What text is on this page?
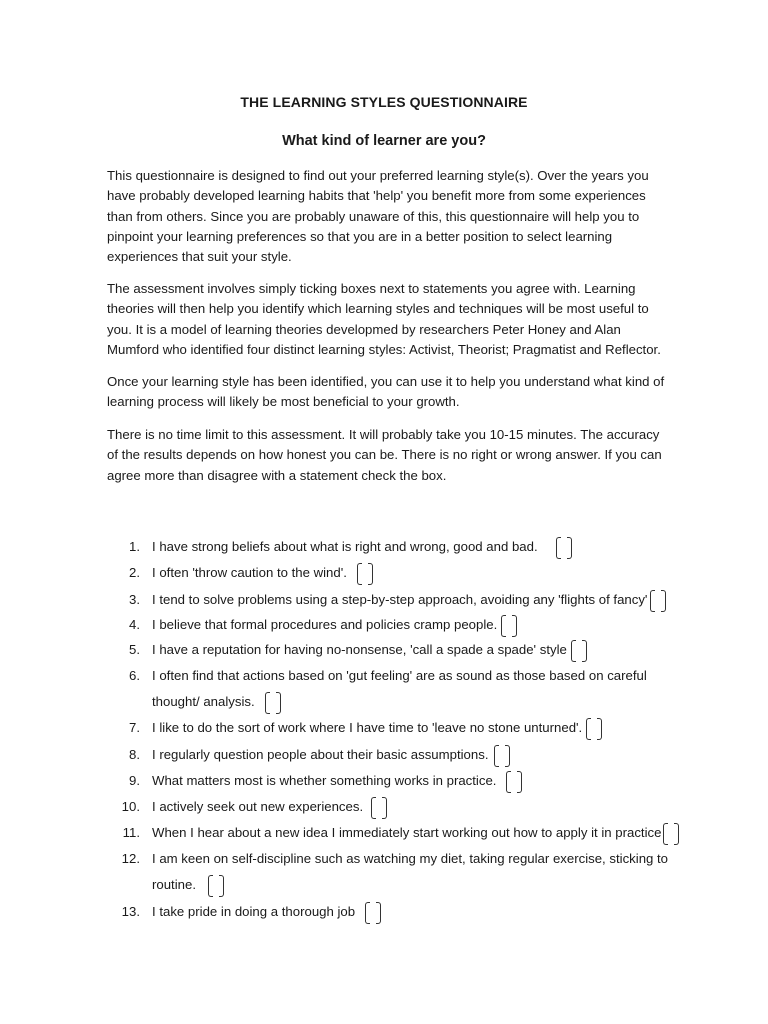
THE LEARNING STYLES QUESTIONNAIRE
What kind of learner are you?

This questionnaire is designed to find out your preferred learning style(s). Over the years you have probably developed learning habits that 'help' you benefit more from some experiences than from others. Since you are probably unaware of this, this questionnaire will help you to pinpoint your learning preferences so that you are in a better position to select learning experiences that suit your style.

The assessment involves simply ticking boxes next to statements you agree with. Learning theories will then help you identify which learning styles and techniques will be most useful to you. It is a model of learning theories developmed by researchers Peter Honey and Alan Mumford who identified four distinct learning styles: Activist, Theorist; Pragmatist and Reflector.

Once your learning style has been identified, you can use it to help you understand what kind of learning process will likely be most beneficial to your growth.

There is no time limit to this assessment. It will probably take you 10-15 minutes. The accuracy of the results depends on how honest you can be. There is no right or wrong answer. If you can agree more than disagree with a statement check the box.

1. I have strong beliefs about what is right and wrong, good and bad.
2. I often 'throw caution to the wind'.
3. I tend to solve problems using a step-by-step approach, avoiding any 'flights of fancy'
4. I believe that formal procedures and policies cramp people.
5. I have a reputation for having no-nonsense, 'call a spade a spade' style
6. I often find that actions based on 'gut feeling' are as sound as those based on careful
thought/ analysis.
7. I like to do the sort of work where I have time to 'leave no stone unturned'.
8. I regularly question people about their basic assumptions.
9. What matters most is whether something works in practice.
10. I actively seek out new experiences.
11. When I hear about a new idea I immediately start working out how to apply it in practice
12. I am keen on self-discipline such as watching my diet, taking regular exercise, sticking to
routine.
13. I take pride in doing a thorough job
